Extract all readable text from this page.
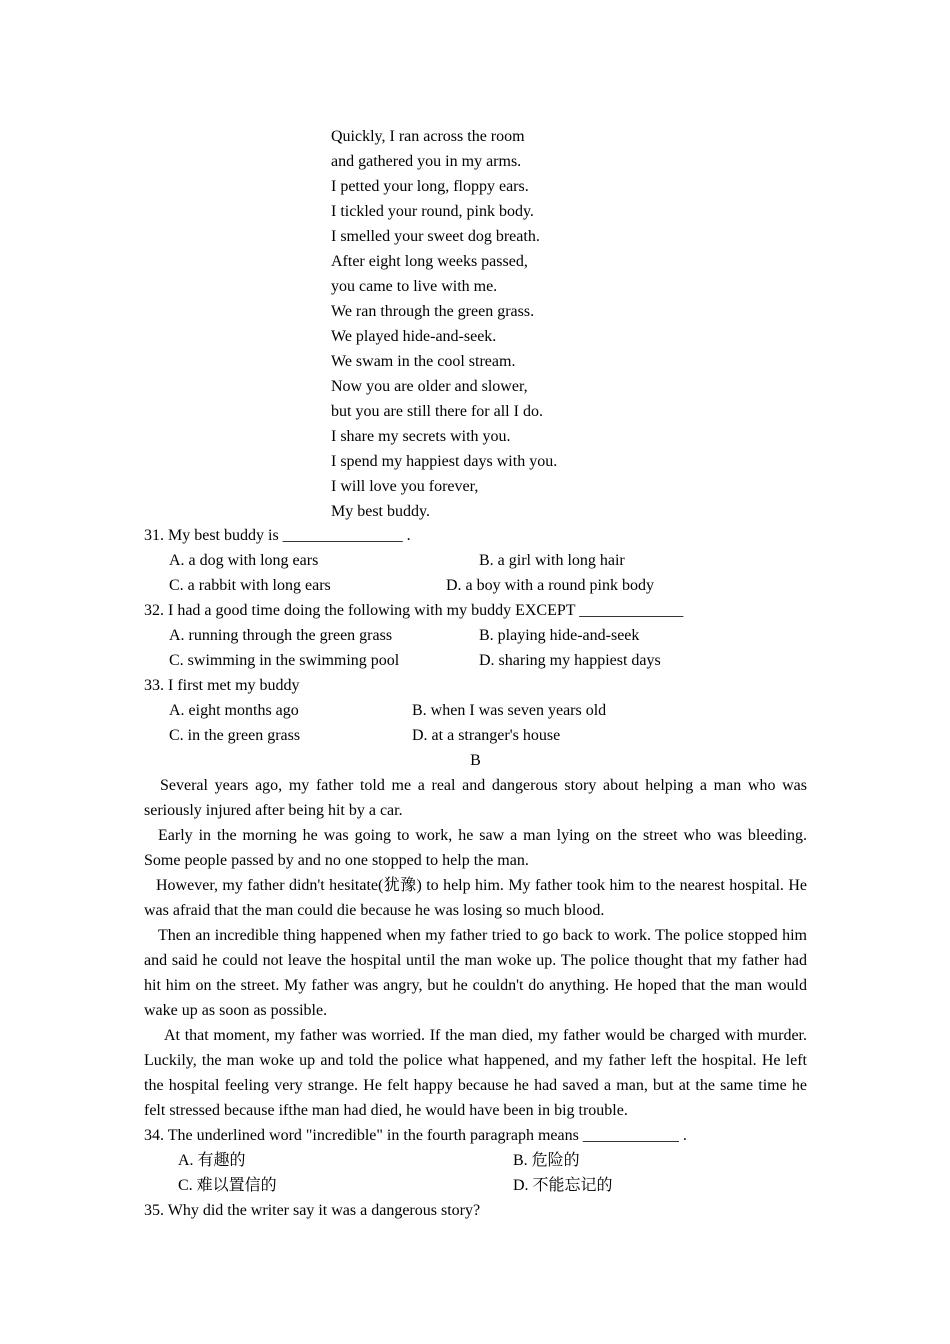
Quickly, I ran across the room
and gathered you in my arms.
I petted your long, floppy ears.
I tickled your round, pink body.
I smelled your sweet dog breath.
After eight long weeks passed,
you came to live with me.
We ran through the green grass.
We played hide-and-seek.
We swam in the cool stream.
Now you are older and slower,
but you are still there for all I do.
I share my secrets with you.
I spend my happiest days with you.
I will love you forever,
My best buddy.
31. My best buddy is _______________ .
A. a dog with long ears	B. a girl with long hair
C. a rabbit with long ears	D. a boy with a round pink body
32. I had a good time doing the following with my buddy EXCEPT _____________
A. running through the green grass	B. playing hide-and-seek
C. swimming in the swimming pool	D. sharing my happiest days
33. I first met my buddy
A. eight months ago	B. when I was seven years old
C. in the green grass	D. at a stranger's house
B
Several years ago, my father told me a real and dangerous story about helping a man who was seriously injured after being hit by a car.
Early in the morning he was going to work, he saw a man lying on the street who was bleeding. Some people passed by and no one stopped to help the man.
However, my father didn't hesitate(犹豫) to help him. My father took him to the nearest hospital. He was afraid that the man could die because he was losing so much blood.
Then an incredible thing happened when my father tried to go back to work. The police stopped him and said he could not leave the hospital until the man woke up. The police thought that my father had hit him on the street. My father was angry, but he couldn't do anything. He hoped that the man would wake up as soon as possible.
At that moment, my father was worried. If the man died, my father would be charged with murder. Luckily, the man woke up and told the police what happened, and my father left the hospital. He left the hospital feeling very strange. He felt happy because he had saved a man, but at the same time he felt stressed because ifthe man had died, he would have been in big trouble.
34. The underlined word "incredible" in the fourth paragraph means ____________ .
A. 有趣的	B. 危险的
C. 难以置信的	D. 不能忘记的
35. Why did the writer say it was a dangerous story?
